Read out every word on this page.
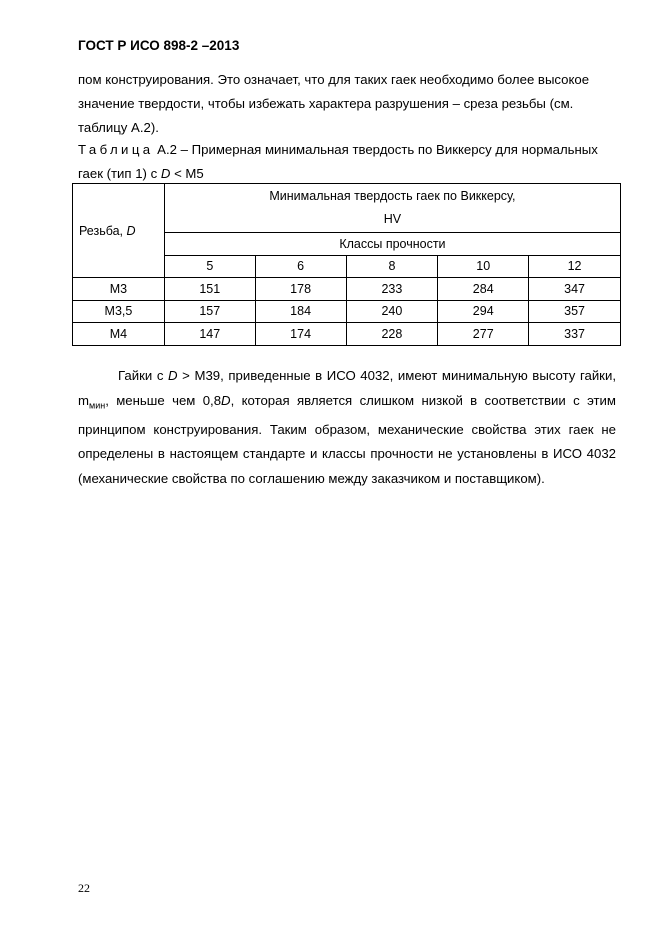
ГОСТ Р ИСО 898-2 –2013
пом конструирования. Это означает, что для таких гаек необходимо более высокое
значение твердости, чтобы избежать характера разрушения – среза резьбы (см.
таблицу А.2).
Таблица А.2 – Примерная минимальная твердость по Виккерсу для нормальных гаек (тип 1) с D < М5
Резьба, D	Минимальная твердость гаек по Виккерсу,
HV				

	Классы прочности				
	5	6	8	10	12
М3	151	178	233	284	347
М3,5	157	184	240	294	357
М4	147	174	228	277	337
Гайки с D > М39, приведенные в ИСО 4032, имеют минимальную высоту гайки, $m_{мин}$, меньше чем 0,8D, которая является слишком низкой в соответствии с этим принципом конструирования. Таким образом, механические свойства этих гаек не определены в настоящем стандарте и классы прочности не установлены в ИСО 4032 (механические свойства по соглашению между заказчиком и поставщиком).
22
